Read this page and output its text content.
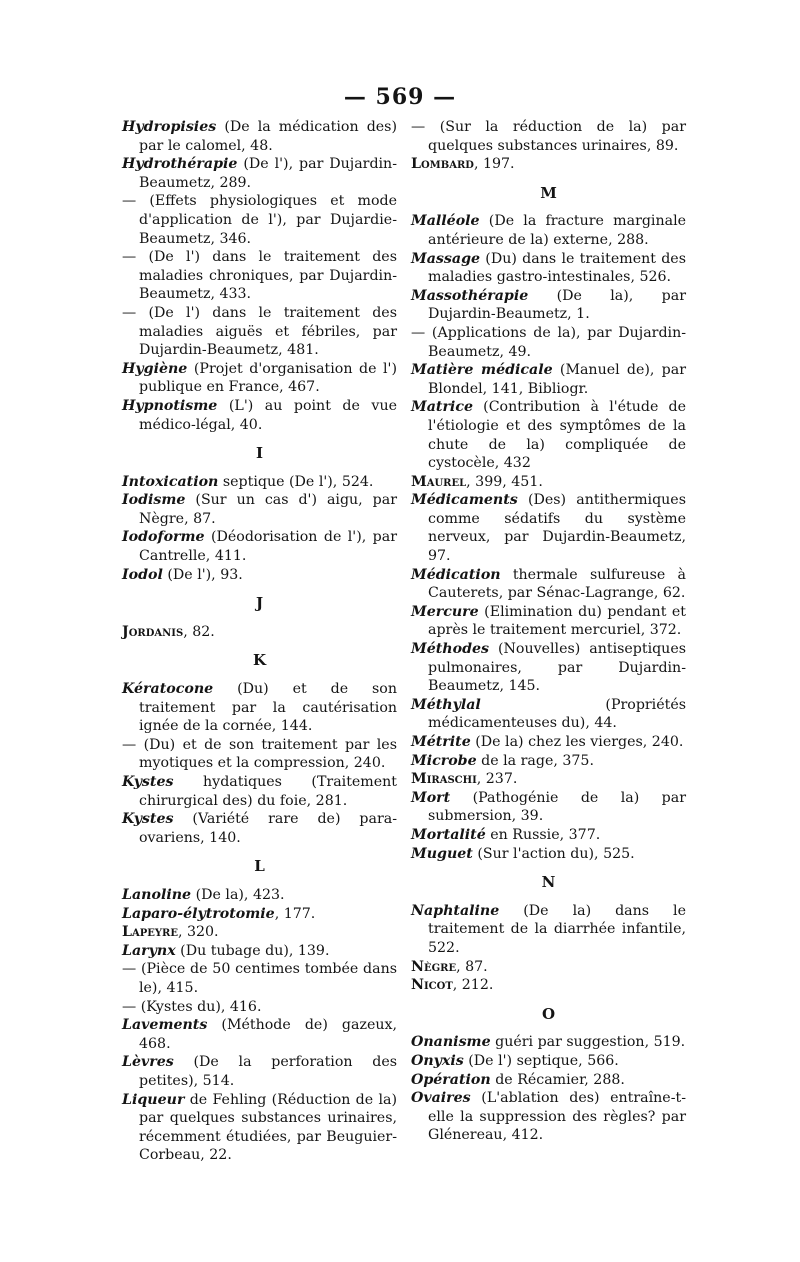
— 569 —

Hydropisies (De la médication des) par le calomel, 48.

Hydrothérapie (De l'), par Dujardin-Beaumetz, 289.

— (Effets physiologiques et mode d'application de l'), par Dujardie-Beaumetz, 346.

— (De l') dans le traitement des maladies chroniques, par Dujardin-Beaumetz, 433.

— (De l') dans le traitement des maladies aiguës et fébriles, par Dujardin-Beaumetz, 481.

Hygiène (Projet d'organisation de l') publique en France, 467.

Hypnotisme (L') au point de vue médico-légal, 40.

I

Intoxication septique (De l'), 524.

Iodisme (Sur un cas d') aigu, par Nègre, 87.

Iodoforme (Déodorisation de l'), par Cantrelle, 411.

Iodol (De l'), 93.

J

Jordanis, 82.

K

Kératocone (Du) et de son traitement par la cautérisation ignée de la cornée, 144.

— (Du) et de son traitement par les myotiques et la compression, 240.

Kystes hydatiques (Traitement chirurgical des) du foie, 281.

Kystes (Variété rare de) para-ovariens, 140.

L

Lanoline (De la), 423.

Laparo-élytrotomie, 177.

Lapeyre, 320.

Larynx (Du tubage du), 139.

— (Pièce de 50 centimes tombée dans le), 415.

— (Kystes du), 416.

Lavements (Méthode de) gazeux, 468.

Lèvres (De la perforation des petites), 514.

Liqueur de Fehling (Réduction de la) par quelques substances urinaires, récemment étudiées, par Beuguier-Corbeau, 22.

— (Sur la réduction de la) par quelques substances urinaires, 89.

Lombard, 197.

M

Malléole (De la fracture marginale antérieure de la) externe, 288.

Massage (Du) dans le traitement des maladies gastro-intestinales, 526.

Massothérapie (De la), par Dujardin-Beaumetz, 1.

— (Applications de la), par Dujardin-Beaumetz, 49.

Matière médicale (Manuel de), par Blondel, 141, Bibliogr.

Matrice (Contribution à l'étude de l'étiologie et des symptômes de la chute de la) compliquée de cystocèle, 432

Maurel, 399, 451.

Médicaments (Des) antithermiques comme sédatifs du système nerveux, par Dujardin-Beaumetz, 97.

Médication thermale sulfureuse à Cauterets, par Sénac-Lagrange, 62.

Mercure (Elimination du) pendant et après le traitement mercuriel, 372.

Méthodes (Nouvelles) antiseptiques pulmonaires, par Dujardin-Beaumetz, 145.

Méthylal (Propriétés médicamenteuses du), 44.

Métrite (De la) chez les vierges, 240.

Microbe de la rage, 375.

Miraschi, 237.

Mort (Pathogénie de la) par submersion, 39.

Mortalité en Russie, 377.

Muguet (Sur l'action du), 525.

N

Naphtaline (De la) dans le traitement de la diarrhée infantile, 522.

Nègre, 87.

Nicot, 212.

O

Onanisme guéri par suggestion, 519.

Onyxis (De l') septique, 566.

Opération de Récamier, 288.

Ovaires (L'ablation des) entraîne-t-elle la suppression des règles? par Glénereau, 412.
